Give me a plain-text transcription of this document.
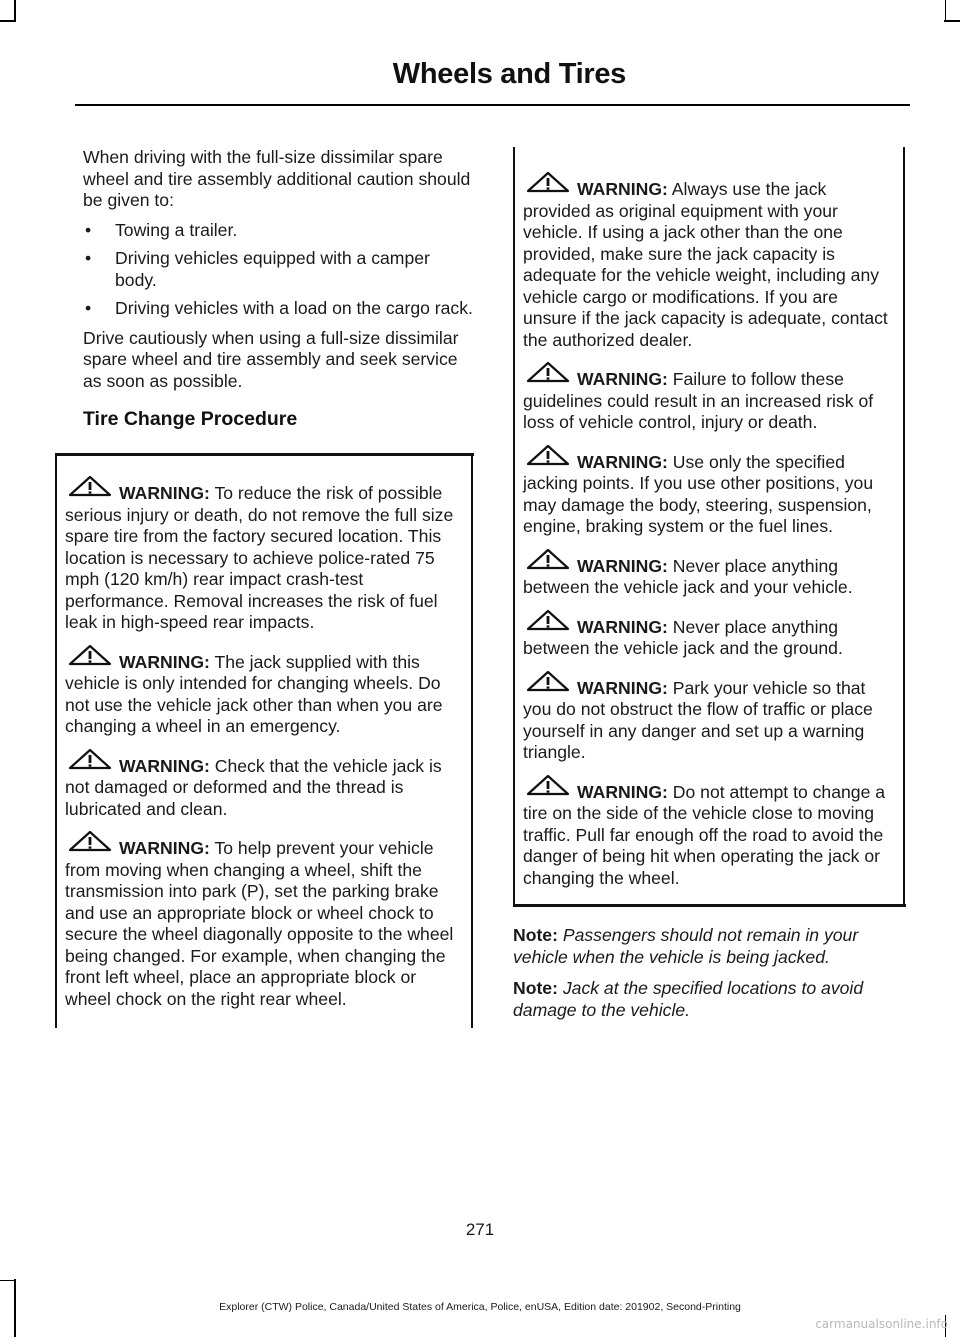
Wheels and Tires

When driving with the full-size dissimilar spare wheel and tire assembly additional caution should be given to:

• Towing a trailer.
• Driving vehicles equipped with a camper body.
• Driving vehicles with a load on the cargo rack.

Drive cautiously when using a full-size dissimilar spare wheel and tire assembly and seek service as soon as possible.

Tire Change Procedure

WARNING: To reduce the risk of possible serious injury or death, do not remove the full size spare tire from the factory secured location. This location is necessary to achieve police-rated 75 mph (120 km/h) rear impact crash-test performance. Removal increases the risk of fuel leak in high-speed rear impacts.

WARNING: The jack supplied with this vehicle is only intended for changing wheels. Do not use the vehicle jack other than when you are changing a wheel in an emergency.

WARNING: Check that the vehicle jack is not damaged or deformed and the thread is lubricated and clean.

WARNING: To help prevent your vehicle from moving when changing a wheel, shift the transmission into park (P), set the parking brake and use an appropriate block or wheel chock to secure the wheel diagonally opposite to the wheel being changed. For example, when changing the front left wheel, place an appropriate block or wheel chock on the right rear wheel.

WARNING: Always use the jack provided as original equipment with your vehicle. If using a jack other than the one provided, make sure the jack capacity is adequate for the vehicle weight, including any vehicle cargo or modifications. If you are unsure if the jack capacity is adequate, contact the authorized dealer.

WARNING: Failure to follow these guidelines could result in an increased risk of loss of vehicle control, injury or death.

WARNING: Use only the specified jacking points. If you use other positions, you may damage the body, steering, suspension, engine, braking system or the fuel lines.

WARNING: Never place anything between the vehicle jack and your vehicle.

WARNING: Never place anything between the vehicle jack and the ground.

WARNING: Park your vehicle so that you do not obstruct the flow of traffic or place yourself in any danger and set up a warning triangle.

WARNING: Do not attempt to change a tire on the side of the vehicle close to moving traffic. Pull far enough off the road to avoid the danger of being hit when operating the jack or changing the wheel.

Note: Passengers should not remain in your vehicle when the vehicle is being jacked.

Note: Jack at the specified locations to avoid damage to the vehicle.

271
Explorer (CTW) Police, Canada/United States of America, Police, enUSA, Edition date: 201902, Second-Printing
carmanualsonline.info
